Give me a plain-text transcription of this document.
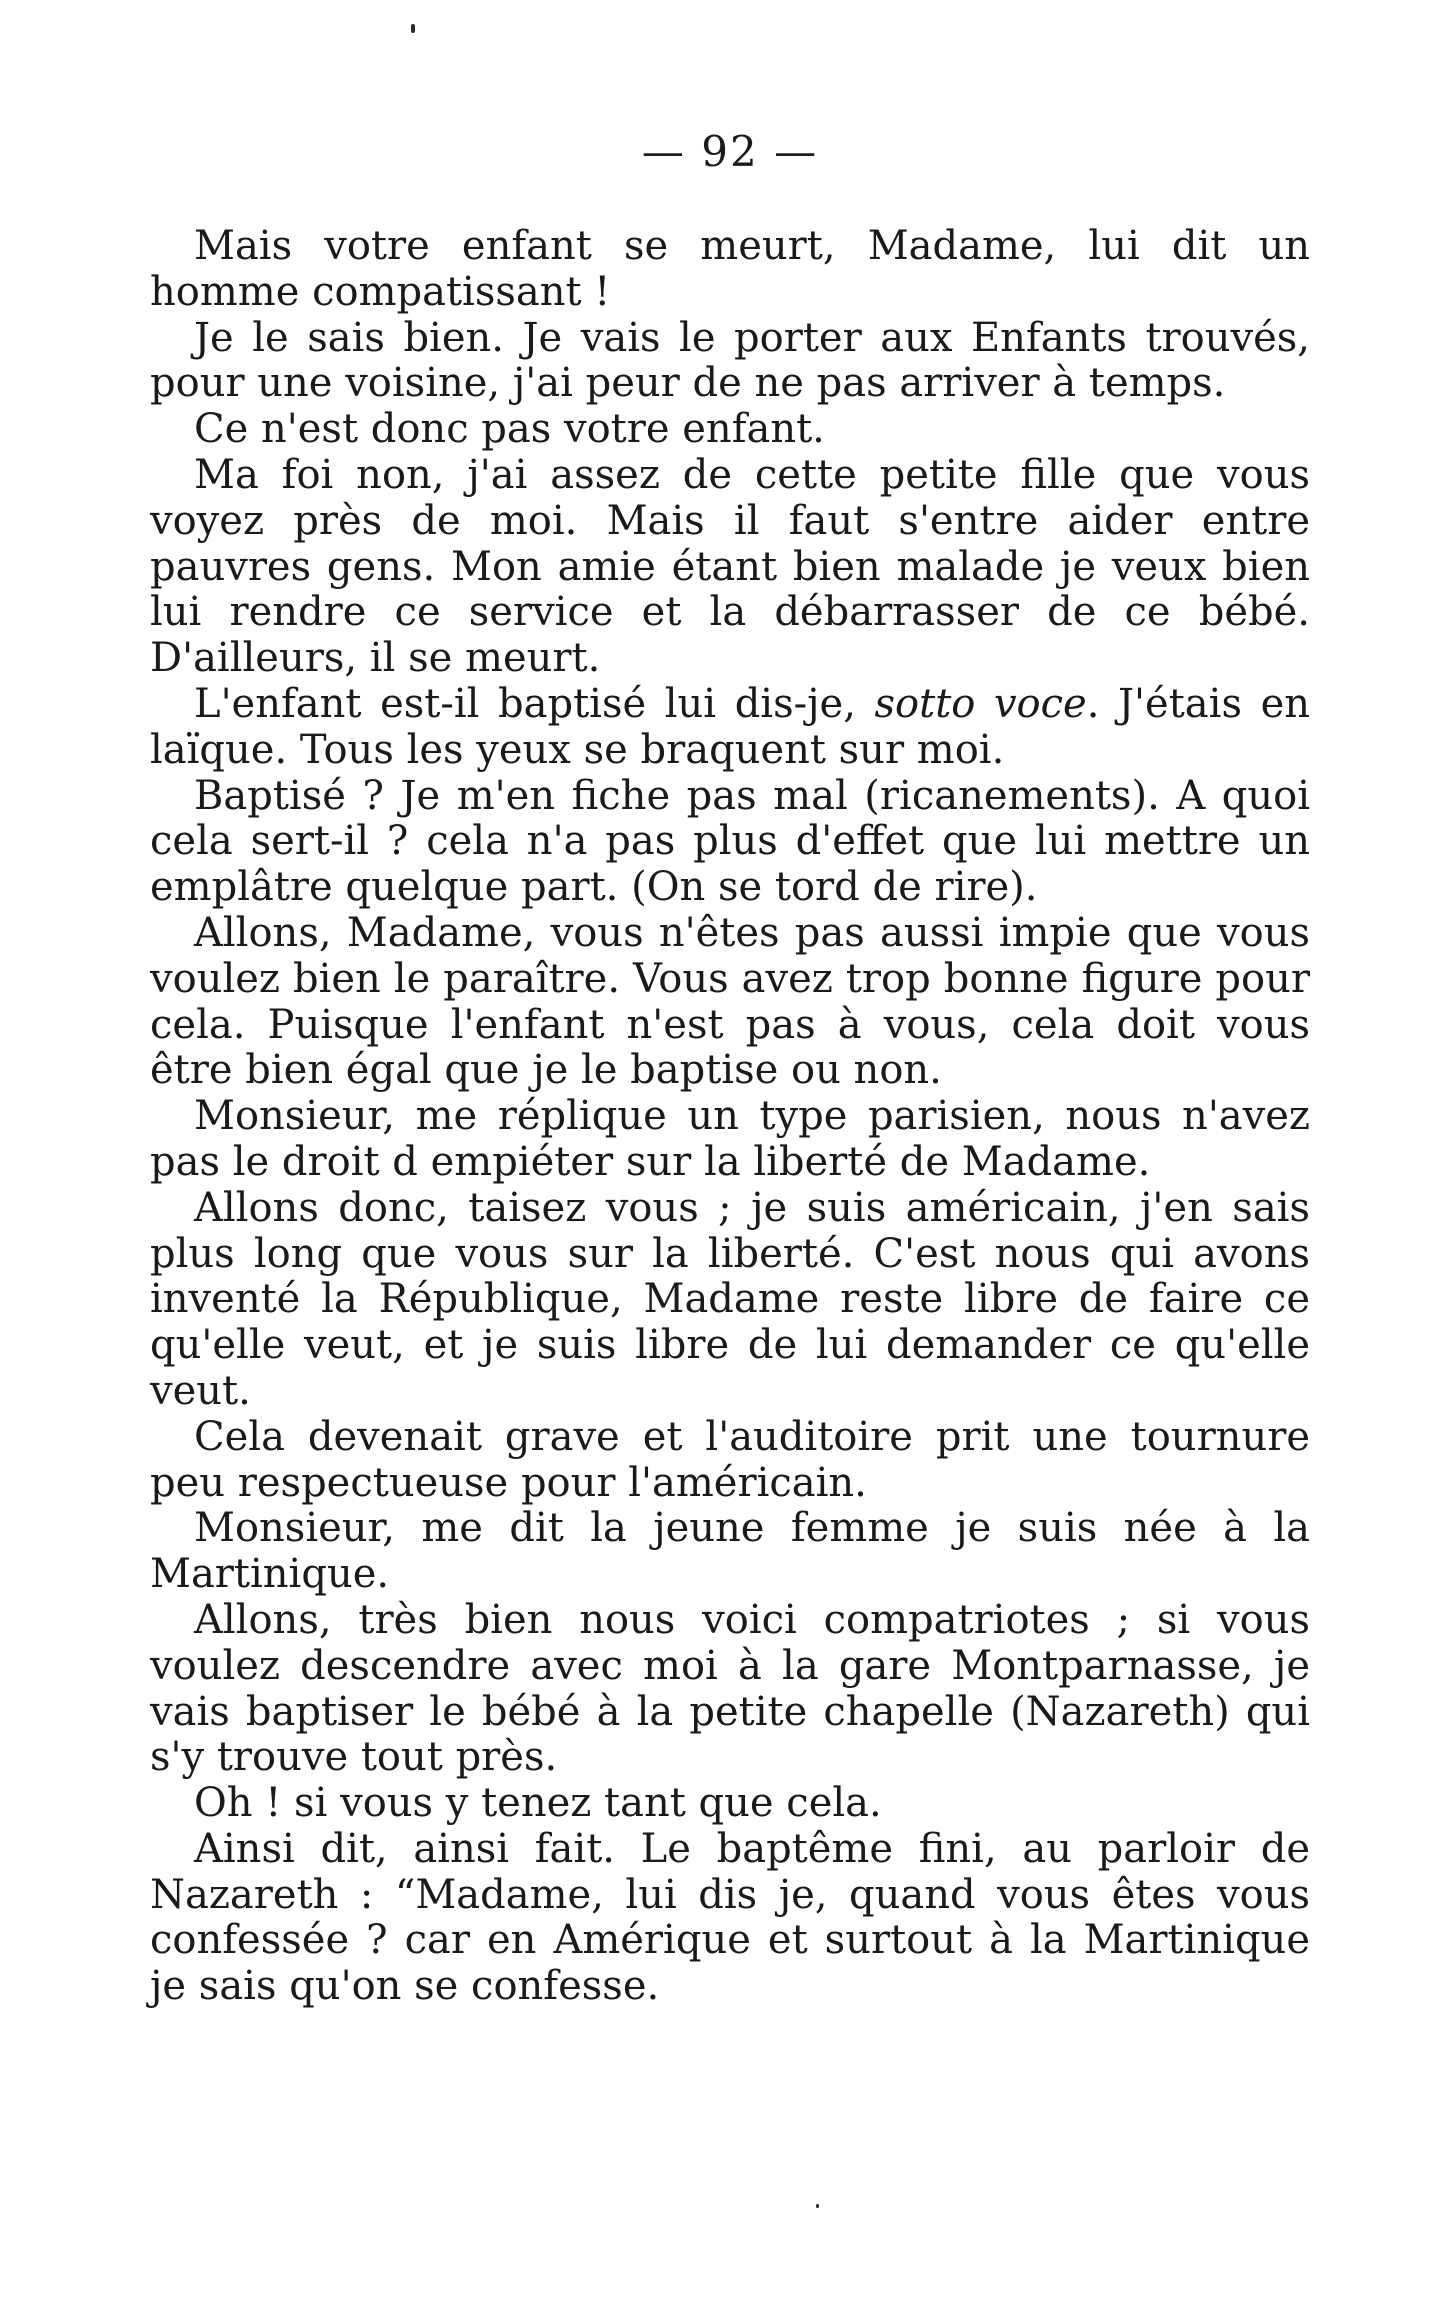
— 92 —

Mais votre enfant se meurt, Madame, lui dit un homme compatissant !

Je le sais bien. Je vais le porter aux Enfants trouvés, pour une voisine, j'ai peur de ne pas arriver à temps.

Ce n'est donc pas votre enfant.

Ma foi non, j'ai assez de cette petite fille que vous voyez près de moi. Mais il faut s'entre aider entre pauvres gens. Mon amie étant bien malade je veux bien lui rendre ce service et la débarrasser de ce bébé. D'ailleurs, il se meurt.

L'enfant est-il baptisé lui dis-je, sotto voce. J'étais en laïque. Tous les yeux se braquent sur moi.

Baptisé ? Je m'en fiche pas mal (ricanements). A quoi cela sert-il ? cela n'a pas plus d'effet que lui mettre un emplâtre quelque part. (On se tord de rire).

Allons, Madame, vous n'êtes pas aussi impie que vous voulez bien le paraître. Vous avez trop bonne figure pour cela. Puisque l'enfant n'est pas à vous, cela doit vous être bien égal que je le baptise ou non.

Monsieur, me réplique un type parisien, nous n'avez pas le droit d empiéter sur la liberté de Madame.

Allons donc, taisez vous ; je suis américain, j'en sais plus long que vous sur la liberté. C'est nous qui avons inventé la République, Madame reste libre de faire ce qu'elle veut, et je suis libre de lui demander ce qu'elle veut.

Cela devenait grave et l'auditoire prit une tournure peu respectueuse pour l'américain.

Monsieur, me dit la jeune femme je suis née à la Martinique.

Allons, très bien nous voici compatriotes ; si vous voulez descendre avec moi à la gare Montparnasse, je vais baptiser le bébé à la petite chapelle (Nazareth) qui s'y trouve tout près.

Oh ! si vous y tenez tant que cela.

Ainsi dit, ainsi fait. Le baptême fini, au parloir de Nazareth : “Madame, lui dis je, quand vous êtes vous confessée ? car en Amérique et surtout à la Martinique je sais qu'on se confesse.
